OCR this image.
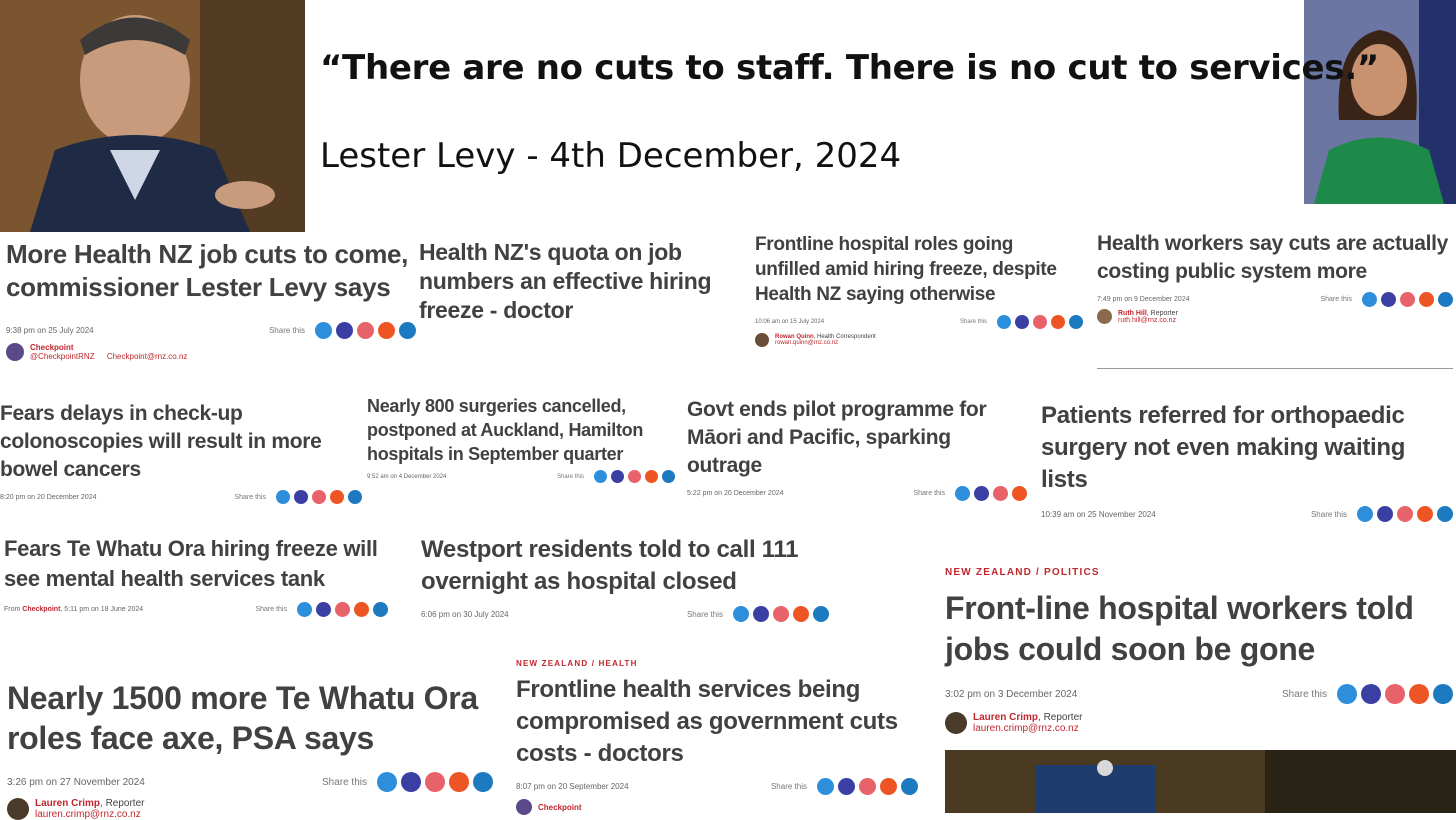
“There are no cuts to staff. There is no cut to services.”
Lester Levy - 4th December, 2024
More Health NZ job cuts to come, commissioner Lester Levy says
9:38 pm on 25 July 2024	Share this
Checkpoint
@CheckpointRNZ Checkpoint@rnz.co.nz
Health NZ's quota on job numbers an effective hiring freeze - doctor
Frontline hospital roles going unfilled amid hiring freeze, despite Health NZ saying otherwise
10:06 am on 15 July 2024	Share this
Rowan Quinn, Health Correspondent
rowan.quinn@rnz.co.nz
Health workers say cuts are actually costing public system more
7:49 pm on 9 December 2024	Share this
Ruth Hill, Reporter
ruth.hill@rnz.co.nz
Fears delays in check-up colonoscopies will result in more bowel cancers
8:20 pm on 20 December 2024	Share this
Nearly 800 surgeries cancelled, postponed at Auckland, Hamilton hospitals in September quarter
9:52 am on 4 December 2024	Share this
Govt ends pilot programme for Māori and Pacific, sparking outrage
5:22 pm on 20 December 2024	Share this
Patients referred for orthopaedic surgery not even making waiting lists
10:39 am on 25 November 2024	Share this
Fears Te Whatu Ora hiring freeze will see mental health services tank
From Checkpoint, 5:11 pm on 18 June 2024	Share this
Westport residents told to call 111 overnight as hospital closed
6:06 pm on 30 July 2024	Share this
NEW ZEALAND / POLITICS
Front-line hospital workers told jobs could soon be gone
3:02 pm on 3 December 2024	Share this
Lauren Crimp, Reporter
lauren.crimp@rnz.co.nz
Nearly 1500 more Te Whatu Ora roles face axe, PSA says
3:26 pm on 27 November 2024	Share this
Lauren Crimp, Reporter
lauren.crimp@rnz.co.nz
NEW ZEALAND / HEALTH
Frontline health services being compromised as government cuts costs - doctors
8:07 pm on 20 September 2024	Share this
Checkpoint
